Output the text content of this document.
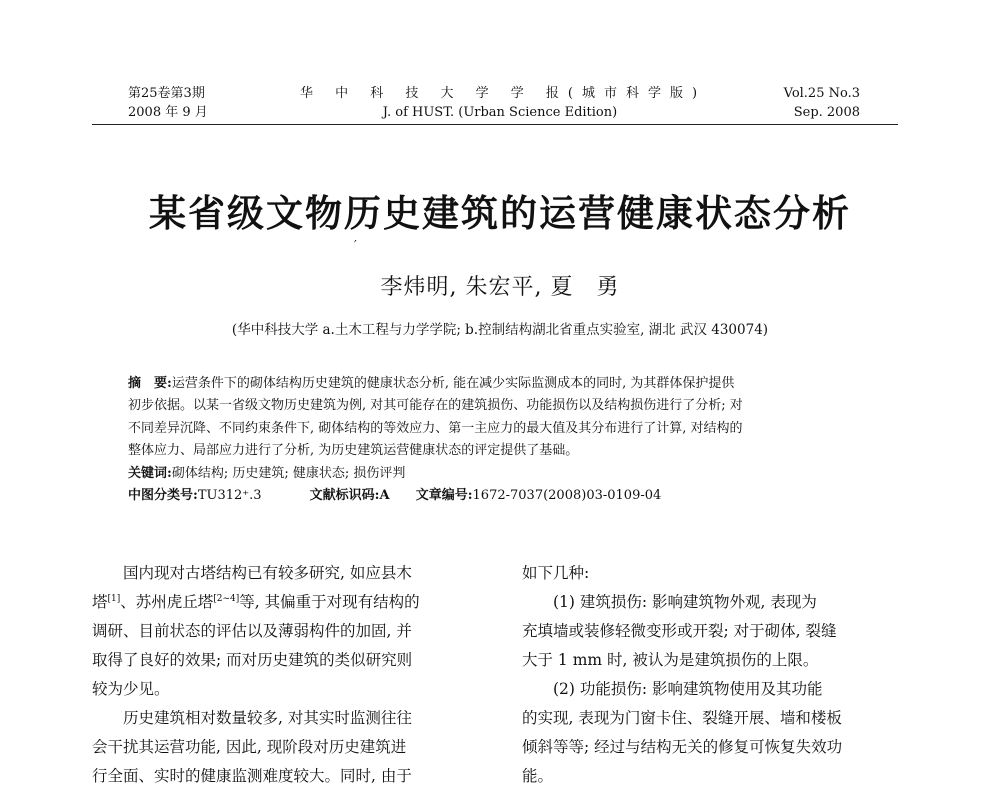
第25卷第3期
2008 年 9 月
华 中 科 技 大 学 学 报(城市科学版)
J. of HUST. (Urban Science Edition)
Vol.25 No.3
Sep. 2008
某省级文物历史建筑的运营健康状态分析
′
李炜明, 朱宏平, 夏　勇
(华中科技大学 a.土木工程与力学学院; b.控制结构湖北省重点实验室, 湖北 武汉 430074)

摘　要:运营条件下的砌体结构历史建筑的健康状态分析, 能在减少实际监测成本的同时, 为其群体保护提供

初步依据。以某一省级文物历史建筑为例, 对其可能存在的建筑损伤、功能损伤以及结构损伤进行了分析; 对

不同差异沉降、不同约束条件下, 砌体结构的等效应力、第一主应力的最大值及其分布进行了计算, 对结构的

整体应力、局部应力进行了分析, 为历史建筑运营健康状态的评定提供了基础。

关键词:砌体结构; 历史建筑; 健康状态; 损伤评判

中图分类号:TU312⁺.3	文献标识码:A 文章编号:1672-7037(2008)03-0109-04

　　国内现对古塔结构已有较多研究, 如应县木

塔[1]、苏州虎丘塔[2~4]等, 其偏重于对现有结构的

调研、目前状态的评估以及薄弱构件的加固, 并

取得了良好的效果; 而对历史建筑的类似研究则

较为少见。

　　历史建筑相对数量较多, 对其实时监测往往

会干扰其运营功能, 因此, 现阶段对历史建筑进

行全面、实时的健康监测难度较大。同时, 由于

如下几种:

　　(1) 建筑损伤: 影响建筑物外观, 表现为

充填墙或装修轻微变形或开裂; 对于砌体, 裂缝

大于 1 mm 时, 被认为是建筑损伤的上限。

　　(2) 功能损伤: 影响建筑物使用及其功能

的实现, 表现为门窗卡住、裂缝开展、墙和楼板

倾斜等等; 经过与结构无关的修复可恢复失效功

能。
